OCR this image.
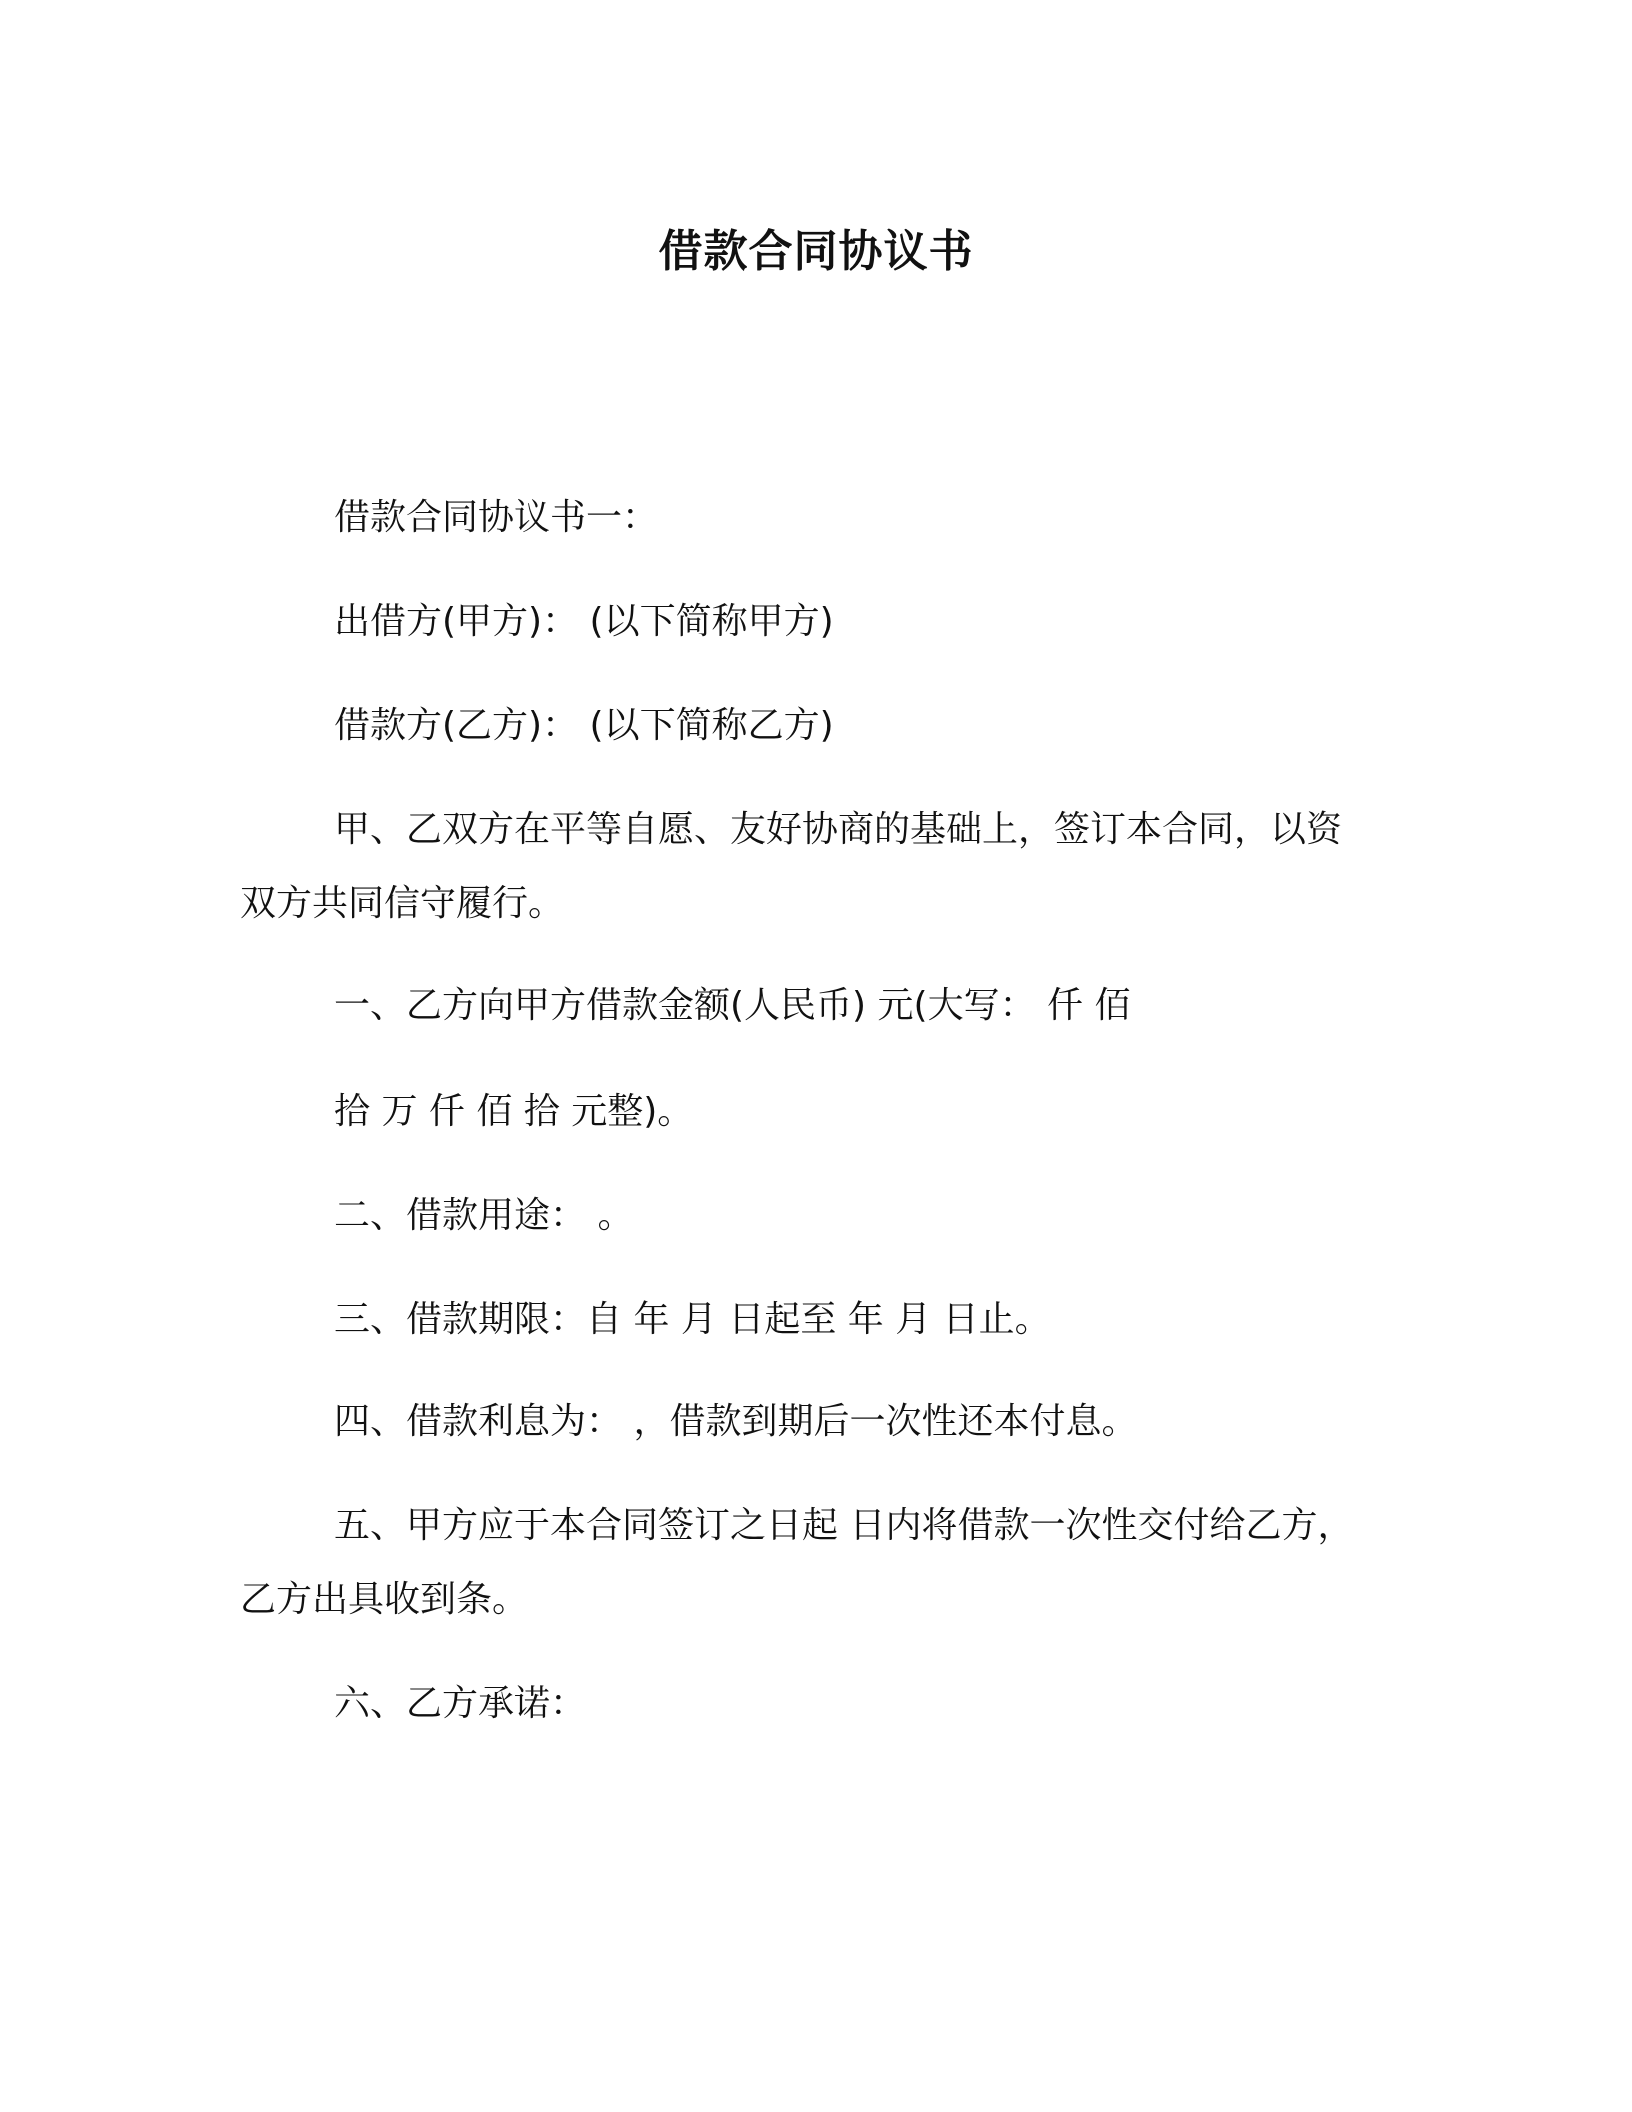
借款合同协议书
借款合同协议书一：
出借方(甲方)： (以下简称甲方)
借款方(乙方)： (以下简称乙方)
甲、乙双方在平等自愿、友好协商的基础上，签订本合同，以资
双方共同信守履行。
一、乙方向甲方借款金额(人民币) 元(大写： 仟 佰
拾 万 仟 佰 拾 元整)。
二、借款用途： 。
三、借款期限：自 年 月 日起至 年 月 日止。
四、借款利息为： ，借款到期后一次性还本付息。
五、甲方应于本合同签订之日起 日内将借款一次性交付给乙方，
乙方出具收到条。
六、乙方承诺：
